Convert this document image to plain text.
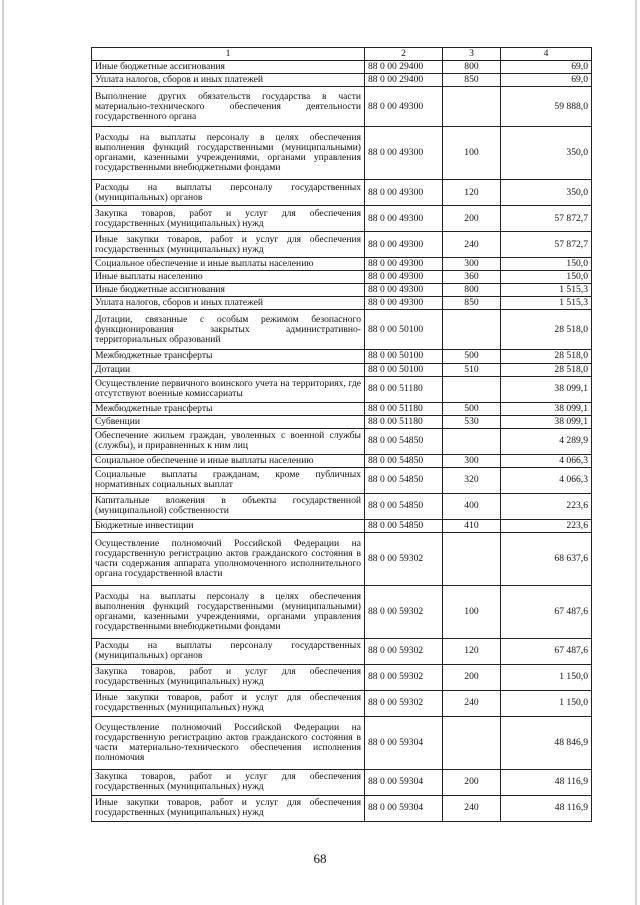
1	2	3	4
Иные бюджетные ассигнования	88 0 00 29400	800	69,0
Уплата налогов, сборов и иных платежей	88 0 00 29400	850	69,0
Выполнение других обязательств государства в части материально-технического обеспечения деятельности государственного органа	88 0 00 49300		59 888,0
Расходы на выплаты персоналу в целях обеспечения выполнения функций государственными (муниципальными) органами, казенными учреждениями, органами управления государственными внебюджетными фондами	88 0 00 49300	100	350,0
Расходы на выплаты персоналу государственных (муниципальных) органов	88 0 00 49300	120	350,0
Закупка товаров, работ и услуг для обеспечения государственных (муниципальных) нужд	88 0 00 49300	200	57 872,7
Иные закупки товаров, работ и услуг для обеспечения государственных (муниципальных) нужд	88 0 00 49300	240	57 872,7
Социальное обеспечение и иные выплаты населению	88 0 00 49300	300	150,0
Иные выплаты населению	88 0 00 49300	360	150,0
Иные бюджетные ассигнования	88 0 00 49300	800	1 515,3
Уплата налогов, сборов и иных платежей	88 0 00 49300	850	1 515,3
Дотации, связанные с особым режимом безопасного функционирования закрытых административно-территориальных образований	88 0 00 50100		28 518,0
Межбюджетные трансферты	88 0 00 50100	500	28 518,0
Дотации	88 0 00 50100	510	28 518,0
Осуществление первичного воинского учета на территориях, где отсутствуют военные комиссариаты	88 0 00 51180		38 099,1
Межбюджетные трансферты	88 0 00 51180	500	38 099,1
Субвенции	88 0 00 51180	530	38 099,1
Обеспечение жильем граждан, уволенных с военной службы (службы), и приравненных к ним лиц	88 0 00 54850		4 289,9
Социальное обеспечение и иные выплаты населению	88 0 00 54850	300	4 066,3
Социальные выплаты гражданам, кроме публичных нормативных социальных выплат	88 0 00 54850	320	4 066,3
Капитальные вложения в объекты государственной (муниципальной) собственности	88 0 00 54850	400	223,6
Бюджетные инвестиции	88 0 00 54850	410	223,6
Осуществление полномочий Российской Федерации на государственную регистрацию актов гражданского состояния в части содержания аппарата уполномоченного исполнительного органа государственной власти	88 0 00 59302		68 637,6
Расходы на выплаты персоналу в целях обеспечения выполнения функций государственными (муниципальными) органами, казенными учреждениями, органами управления государственными внебюджетными фондами	88 0 00 59302	100	67 487,6
Расходы на выплаты персоналу государственных (муниципальных) органов	88 0 00 59302	120	67 487,6
Закупка товаров, работ и услуг для обеспечения государственных (муниципальных) нужд	88 0 00 59302	200	1 150,0
Иные закупки товаров, работ и услуг для обеспечения государственных (муниципальных) нужд	88 0 00 59302	240	1 150,0
Осуществление полномочий Российской Федерации на государственную регистрацию актов гражданского состояния в части материально-технического обеспечения исполнения полномочия	88 0 00 59304		48 846,9
Закупка товаров, работ и услуг для обеспечения государственных (муниципальных) нужд	88 0 00 59304	200	48 116,9
Иные закупки товаров, работ и услуг для обеспечения государственных (муниципальных) нужд	88 0 00 59304	240	48 116,9
68
